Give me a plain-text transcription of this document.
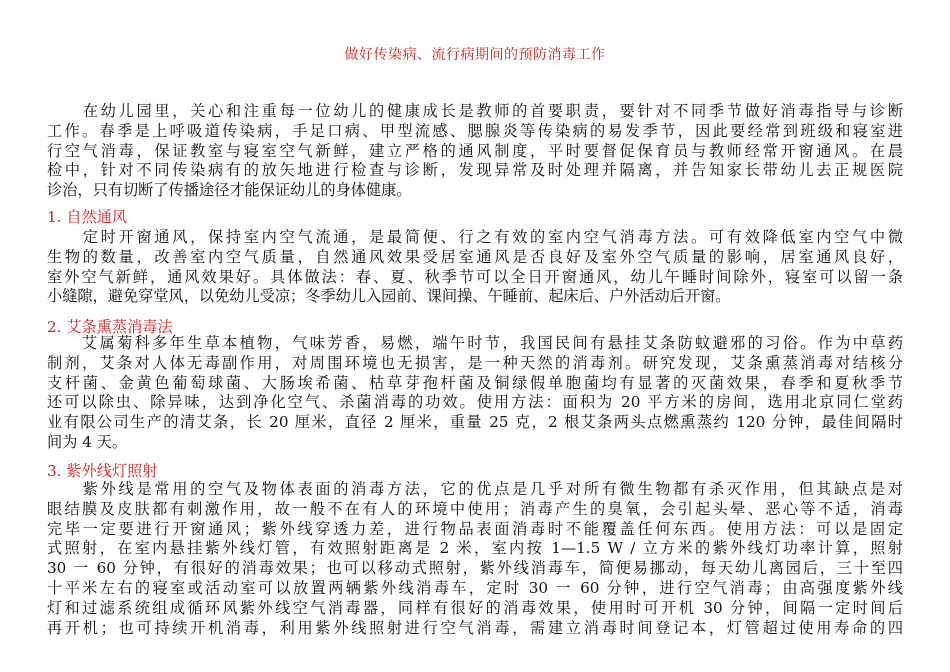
做好传染病、流行病期间的预防消毒工作
　　在幼儿园里，关心和注重每一位幼儿的健康成长是教师的首要职责，要针对不同季节做好消毒指导与诊断
工作。春季是上呼吸道传染病，手足口病、甲型流感、腮腺炎等传染病的易发季节，因此要经常到班级和寝室进
行空气消毒，保证教室与寝室空气新鲜，建立严格的通风制度，平时要督促保育员与教师经常开窗通风。在晨
检中，针对不同传染病有的放矢地进行检查与诊断，发现异常及时处理并隔离，并告知家长带幼儿去正规医院
诊治，只有切断了传播途径才能保证幼儿的身体健康。
1. 自然通风
　　定时开窗通风，保持室内空气流通，是最简便、行之有效的室内空气消毒方法。可有效降低室内空气中微
生物的数量，改善室内空气质量，自然通风效果受居室通风是否良好及室外空气质量的影响，居室通风良好，
室外空气新鲜，通风效果好。具体做法：春、夏、秋季节可以全日开窗通风，幼儿午睡时间除外，寝室可以留一条
小缝隙，避免穿堂风，以免幼儿受凉；冬季幼儿入园前、课间操、午睡前、起床后、户外活动后开窗。
2. 艾条熏蒸消毒法
　　艾属菊科多年生草本植物，气味芳香，易燃，端午时节，我国民间有悬挂艾条防蚊避邪的习俗。作为中草药
制剂，艾条对人体无毒副作用，对周围环境也无损害，是一种天然的消毒剂。研究发现，艾条熏蒸消毒对结核分
支杆菌、金黄色葡萄球菌、大肠埃希菌、枯草芽孢杆菌及铜绿假单胞菌均有显著的灭菌效果，春季和夏秋季节
还可以除虫、除异味，达到净化空气、杀菌消毒的功效。使用方法：面积为 20 平方米的房间，选用北京同仁堂药
业有限公司生产的清艾条，长 20 厘米，直径 2 厘米，重量 25 克，2 根艾条两头点燃熏蒸约 120 分钟，最佳间隔时
间为 4 天。
3. 紫外线灯照射
　　紫外线是常用的空气及物体表面的消毒方法，它的优点是几乎对所有微生物都有杀灭作用，但其缺点是对
眼结膜及皮肤都有刺激作用，故一般不在有人的环境中使用；消毒产生的臭氧，会引起头晕、恶心等不适，消毒
完毕一定要进行开窗通风；紫外线穿透力差，进行物品表面消毒时不能覆盖任何东西。使用方法：可以是固定
式照射，在室内悬挂紫外线灯管，有效照射距离是 2 米，室内按 1—1.5 W / 立方米的紫外线灯功率计算，照射
30 一 60 分钟，有很好的消毒效果；也可以移动式照射，紫外线消毒车，简便易挪动，每天幼儿离园后，三十至四
十平米左右的寝室或活动室可以放置两辆紫外线消毒车，定时 30 一 60 分钟，进行空气消毒；由高强度紫外线
灯和过滤系统组成循环风紫外线空气消毒器，同样有很好的消毒效果，使用时可开机 30 分钟，间隔一定时间后
再开机；也可持续开机消毒，利用紫外线照射进行空气消毒，需建立消毒时间登记本，灯管超过使用寿命的四
